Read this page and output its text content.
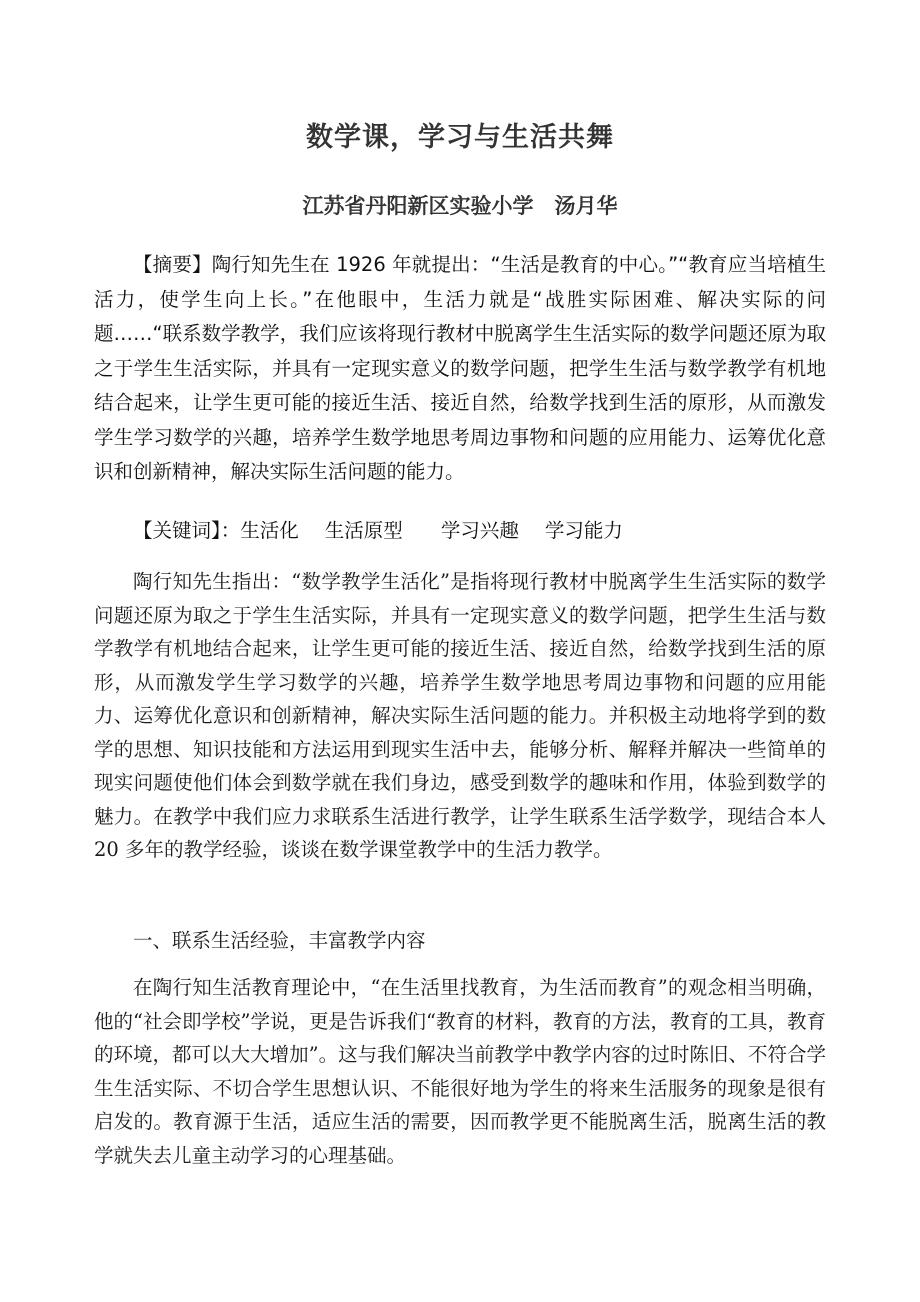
数学课，学习与生活共舞
江苏省丹阳新区实验小学　汤月华

【摘要】陶行知先生在 1926 年就提出：“生活是教育的中心。”“教育应当培植生活力，使学生向上长。”在他眼中，生活力就是“战胜实际困难、解决实际的问题……“联系数学教学，我们应该将现行教材中脱离学生生活实际的数学问题还原为取之于学生生活实际，并具有一定现实意义的数学问题，把学生生活与数学教学有机地结合起来，让学生更可能的接近生活、接近自然，给数学找到生活的原形，从而激发学生学习数学的兴趣，培养学生数学地思考周边事物和问题的应用能力、运筹优化意识和创新精神，解决实际生活问题的能力。

【关键词】：生活化 生活原型 学习兴趣 学习能力

陶行知先生指出：“数学教学生活化”是指将现行教材中脱离学生生活实际的数学问题还原为取之于学生生活实际，并具有一定现实意义的数学问题，把学生生活与数学教学有机地结合起来，让学生更可能的接近生活、接近自然，给数学找到生活的原形，从而激发学生学习数学的兴趣，培养学生数学地思考周边事物和问题的应用能力、运筹优化意识和创新精神，解决实际生活问题的能力。并积极主动地将学到的数学的思想、知识技能和方法运用到现实生活中去，能够分析、解释并解决一些简单的现实问题使他们体会到数学就在我们身边，感受到数学的趣味和作用，体验到数学的魅力。在教学中我们应力求联系生活进行教学，让学生联系生活学数学，现结合本人 20 多年的教学经验，谈谈在数学课堂教学中的生活力教学。

一、联系生活经验，丰富教学内容

在陶行知生活教育理论中，“在生活里找教育，为生活而教育”的观念相当明确，他的“社会即学校”学说，更是告诉我们“教育的材料，教育的方法，教育的工具，教育的环境，都可以大大增加”。这与我们解决当前教学中教学内容的过时陈旧、不符合学生生活实际、不切合学生思想认识、不能很好地为学生的将来生活服务的现象是很有启发的。教育源于生活，适应生活的需要，因而教学更不能脱离生活，脱离生活的教学就失去儿童主动学习的心理基础。
